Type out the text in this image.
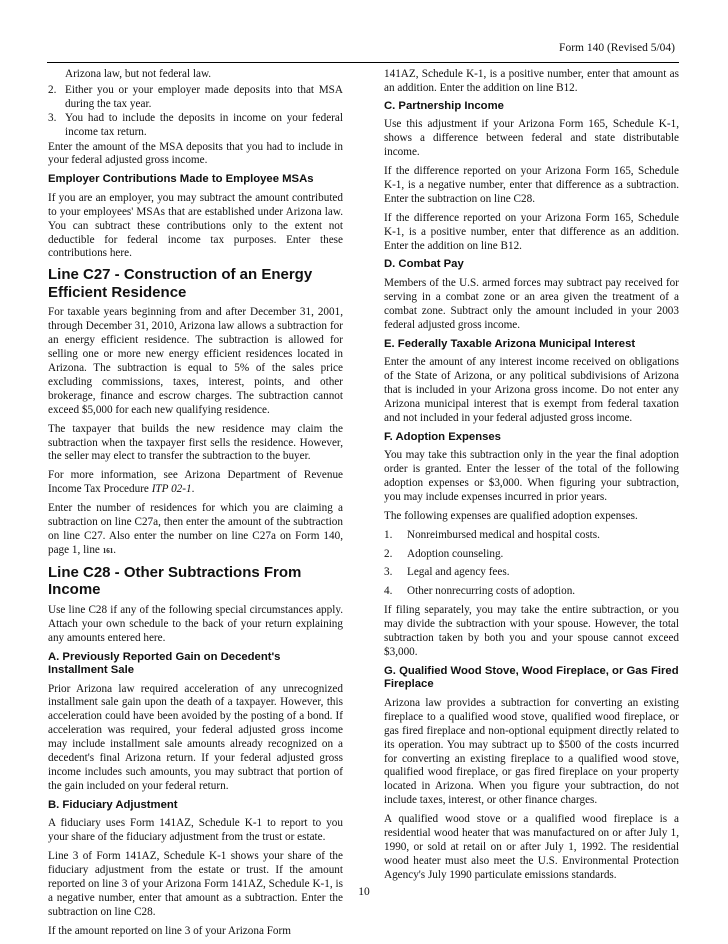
Form 140 (Revised 5/04)

Arizona law, but not federal law.

2. Either you or your employer made deposits into that MSA during the tax year.
3. You had to include the deposits in income on your federal income tax return.

Enter the amount of the MSA deposits that you had to include in your federal adjusted gross income.

Employer Contributions Made to Employee MSAs

If you are an employer, you may subtract the amount contributed to your employees' MSAs that are established under Arizona law. You can subtract these contributions only to the extent not deductible for federal income tax purposes. Enter these contributions here.

Line C27 - Construction of an Energy Efficient Residence

For taxable years beginning from and after December 31, 2001, through December 31, 2010, Arizona law allows a subtraction for an energy efficient residence. The subtraction is allowed for selling one or more new energy efficient residences located in Arizona. The subtraction is equal to 5% of the sales price excluding commissions, taxes, interest, points, and other brokerage, finance and escrow charges. The subtraction cannot exceed $5,000 for each new qualifying residence.

The taxpayer that builds the new residence may claim the subtraction when the taxpayer first sells the residence. However, the seller may elect to transfer the subtraction to the buyer.

For more information, see Arizona Department of Revenue Income Tax Procedure ITP 02-1.

Enter the number of residences for which you are claiming a subtraction on line C27a, then enter the amount of the subtraction on line C27. Also enter the number on line C27a on Form 140, page 1, line 161.

Line C28 - Other Subtractions From Income

Use line C28 if any of the following special circumstances apply. Attach your own schedule to the back of your return explaining any amounts entered here.

A. Previously Reported Gain on Decedent's Installment Sale

Prior Arizona law required acceleration of any unrecognized installment sale gain upon the death of a taxpayer. However, this acceleration could have been avoided by the posting of a bond. If acceleration was required, your federal adjusted gross income may include installment sale amounts already recognized on a decedent's final Arizona return. If your federal adjusted gross income includes such amounts, you may subtract that portion of the gain included on your federal return.

B. Fiduciary Adjustment

A fiduciary uses Form 141AZ, Schedule K-1 to report to you your share of the fiduciary adjustment from the trust or estate.

Line 3 of Form 141AZ, Schedule K-1 shows your share of the fiduciary adjustment from the estate or trust. If the amount reported on line 3 of your Arizona Form 141AZ, Schedule K-1, is a negative number, enter that amount as a subtraction. Enter the subtraction on line C28.

If the amount reported on line 3 of your Arizona Form

141AZ, Schedule K-1, is a positive number, enter that amount as an addition. Enter the addition on line B12.

C. Partnership Income

Use this adjustment if your Arizona Form 165, Schedule K-1, shows a difference between federal and state distributable income.

If the difference reported on your Arizona Form 165, Schedule K-1, is a negative number, enter that difference as a subtraction. Enter the subtraction on line C28.

If the difference reported on your Arizona Form 165, Schedule K-1, is a positive number, enter that difference as an addition. Enter the addition on line B12.

D. Combat Pay

Members of the U.S. armed forces may subtract pay received for serving in a combat zone or an area given the treatment of a combat zone. Subtract only the amount included in your 2003 federal adjusted gross income.

E. Federally Taxable Arizona Municipal Interest

Enter the amount of any interest income received on obligations of the State of Arizona, or any political subdivisions of Arizona that is included in your Arizona gross income. Do not enter any Arizona municipal interest that is exempt from federal taxation and not included in your federal adjusted gross income.

F. Adoption Expenses

You may take this subtraction only in the year the final adoption order is granted. Enter the lesser of the total of the following adoption expenses or $3,000. When figuring your subtraction, you may include expenses incurred in prior years.

The following expenses are qualified adoption expenses.

1.	Nonreimbursed medical and hospital costs.
2.	Adoption counseling.
3.	Legal and agency fees.
4.	Other nonrecurring costs of adoption.

If filing separately, you may take the entire subtraction, or you may divide the subtraction with your spouse. However, the total subtraction taken by both you and your spouse cannot exceed $3,000.

G. Qualified Wood Stove, Wood Fireplace, or Gas Fired Fireplace

Arizona law provides a subtraction for converting an existing fireplace to a qualified wood stove, qualified wood fireplace, or gas fired fireplace and non-optional equipment directly related to its operation. You may subtract up to $500 of the costs incurred for converting an existing fireplace to a qualified wood stove, qualified wood fireplace, or gas fired fireplace on your property located in Arizona. When you figure your subtraction, do not include taxes, interest, or other finance charges.

A qualified wood stove or a qualified wood fireplace is a residential wood heater that was manufactured on or after July 1, 1990, or sold at retail on or after July 1, 1992. The residential wood heater must also meet the U.S. Environmental Protection Agency's July 1990 particulate emissions standards.

10
